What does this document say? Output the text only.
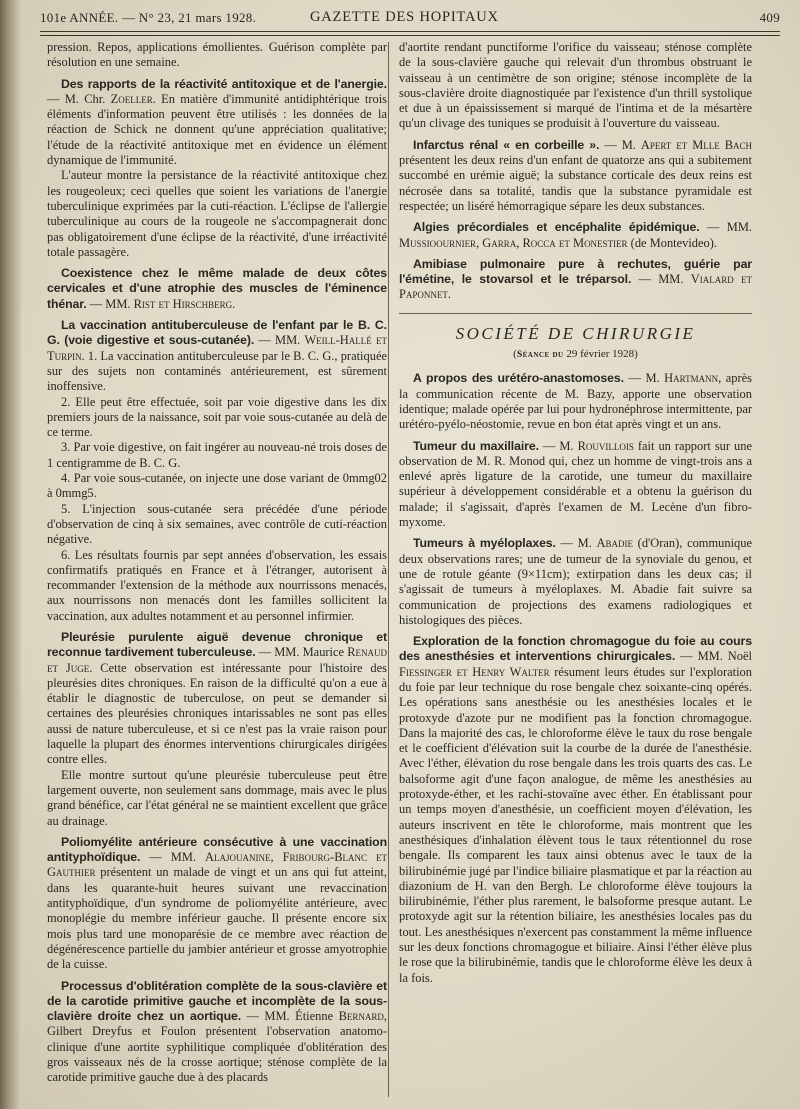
101e ANNÉE. — N° 23, 21 mars 1928.	GAZETTE DES HOPITAUX	409

pression. Repos, applications émollientes. Guérison complète par résolution en une semaine.

Des rapports de la réactivité antitoxique et de l'anergie. — M. Chr. Zoeller. En matière d'immunité antidiphtérique trois éléments d'information peuvent être utilisés : les données de la réaction de Schick ne donnent qu'une appréciation qualitative; l'étude de la réactivité antitoxique met en évidence un élément dynamique de l'immunité.

L'auteur montre la persistance de la réactivité antitoxique chez les rougeoleux; ceci quelles que soient les variations de l'anergie tuberculinique exprimées par la cuti-réaction. L'éclipse de l'allergie tuberculinique au cours de la rougeole ne s'accompagnerait donc pas obligatoirement d'une éclipse de la réactivité, d'une irréactivité totale passagère.

Coexistence chez le même malade de deux côtes cervicales et d'une atrophie des muscles de l'éminence thénar. — MM. Rist et Hirschberg.

La vaccination antituberculeuse de l'enfant par le B. C. G. (voie digestive et sous-cutanée). — MM. Weill-Hallé et Turpin. 1. La vaccination antituberculeuse par le B. C. G., pratiquée sur des sujets non contaminés antérieurement, est sûrement inoffensive.

2. Elle peut être effectuée, soit par voie digestive dans les dix premiers jours de la naissance, soit par voie sous-cutanée au delà de ce terme.

3. Par voie digestive, on fait ingérer au nouveau-né trois doses de 1 centigramme de B. C. G.

4. Par voie sous-cutanée, on injecte une dose variant de 0mmg02 à 0mmg5.

5. L'injection sous-cutanée sera précédée d'une période d'observation de cinq à six semaines, avec contrôle de cuti-réaction négative.

6. Les résultats fournis par sept années d'observation, les essais confirmatifs pratiqués en France et à l'étranger, autorisent à recommander l'extension de la méthode aux nourrissons menacés, aux nourrissons non menacés dont les familles sollicitent la vaccination, aux adultes notamment et au personnel infirmier.

Pleurésie purulente aiguë devenue chronique et reconnue tardivement tuberculeuse. — MM. Maurice Renaud et Juge. Cette observation est intéressante pour l'histoire des pleurésies dites chroniques. En raison de la difficulté qu'on a eue à établir le diagnostic de tuberculose, on peut se demander si certaines des pleurésies chroniques intarissables ne sont pas elles aussi de nature tuberculeuse, et si ce n'est pas la vraie raison pour laquelle la plupart des énormes interventions chirurgicales dirigées contre elles.

Elle montre surtout qu'une pleurésie tuberculeuse peut être largement ouverte, non seulement sans dommage, mais avec le plus grand bénéfice, car l'état général ne se maintient excellent que grâce au drainage.

Poliomyélite antérieure consécutive à une vaccination antityphoïdique. — MM. Alajouanine, Fribourg-Blanc et Gauthier présentent un malade de vingt et un ans qui fut atteint, dans les quarante-huit heures suivant une revaccination antityphoïdique, d'un syndrome de poliomyélite antérieure, avec monoplégie du membre inférieur gauche. Il présente encore six mois plus tard une monoparésie de ce membre avec réaction de dégénérescence partielle du jambier antérieur et grosse amyotrophie de la cuisse.

Processus d'oblitération complète de la sous-clavière et de la carotide primitive gauche et incomplète de la sous-clavière droite chez un aortique. — MM. Étienne Bernard, Gilbert Dreyfus et Foulon présentent l'observation anatomo-clinique d'une aortite syphilitique compliquée d'oblitération des gros vaisseaux nés de la crosse aortique; sténose complète de la carotide primitive gauche due à des placards

d'aortite rendant punctiforme l'orifice du vaisseau; sténose complète de la sous-clavière gauche qui relevait d'un thrombus obstruant le vaisseau à un centimètre de son origine; sténose incomplète de la sous-clavière droite diagnostiquée par l'existence d'un thrill systolique et due à un épaississement si marqué de l'intima et de la mésartère qu'un clivage des tuniques se produisit à l'ouverture du vaisseau.

Infarctus rénal « en corbeille ». — M. Apert et Mlle Bach présentent les deux reins d'un enfant de quatorze ans qui a subitement succombé en urémie aiguë; la substance corticale des deux reins est nécrosée dans sa totalité, tandis que la substance pyramidale est respectée; un liséré hémorragique sépare les deux substances.

Algies précordiales et encéphalite épidémique. — MM. Mussioournier, Garra, Rocca et Monestier (de Montevideo).

Amibiase pulmonaire pure à rechutes, guérie par l'émétine, le stovarsol et le tréparsol. — MM. Vialard et Paponnet.

SOCIÉTÉ DE CHIRURGIE
(Séance du 29 février 1928)

A propos des urétéro-anastomoses. — M. Hartmann, après la communication récente de M. Bazy, apporte une observation identique; malade opérée par lui pour hydronéphrose intermittente, par urétéro-pyélo-néostomie, revue en bon état après vingt et un ans.

Tumeur du maxillaire. — M. Rouvillois fait un rapport sur une observation de M. R. Monod qui, chez un homme de vingt-trois ans a enlevé après ligature de la carotide, une tumeur du maxillaire supérieur à développement considérable et a obtenu la guérison du malade; il s'agissait, d'après l'examen de M. Lecène d'un fibro-myxome.

Tumeurs à myéloplaxes. — M. Abadie (d'Oran), communique deux observations rares; une de tumeur de la synoviale du genou, et une de rotule géante (9×11cm); extirpation dans les deux cas; il s'agissait de tumeurs à myéloplaxes. M. Abadie fait suivre sa communication de projections des examens radiologiques et histologiques des pièces.

Exploration de la fonction chromagogue du foie au cours des anesthésies et interventions chirurgicales. — MM. Noël Fiessinger et Henry Walter résument leurs études sur l'exploration du foie par leur technique du rose bengale chez soixante-cinq opérés. Les opérations sans anesthésie ou les anesthésies locales et le protoxyde d'azote pur ne modifient pas la fonction chromagogue. Dans la majorité des cas, le chloroforme élève le taux du rose bengale et le coefficient d'élévation suit la courbe de la durée de l'anesthésie. Avec l'éther, élévation du rose bengale dans les trois quarts des cas. Le balsoforme agit d'une façon analogue, de même les anesthésies au protoxyde-éther, et les rachi-stovaïne avec éther. En établissant pour un temps moyen d'anesthésie, un coefficient moyen d'élévation, les auteurs inscrivent en tête le chloroforme, mais montrent que les anesthésiques d'inhalation élèvent tous le taux rétentionnel du rose bengale. Ils comparent les taux ainsi obtenus avec le taux de la bilirubinémie jugé par l'indice biliaire plasmatique et par la réaction au diazonium de H. van den Bergh. Le chloroforme élève toujours la bilirubinémie, l'éther plus rarement, le balsoforme presque autant. Le protoxyde agit sur la rétention biliaire, les anesthésies locales pas du tout. Les anesthésiques n'exercent pas constamment la même influence sur les deux fonctions chromagogue et biliaire. Ainsi l'éther élève plus le rose que la bilirubinémie, tandis que le chloroforme élève les deux à la fois.
